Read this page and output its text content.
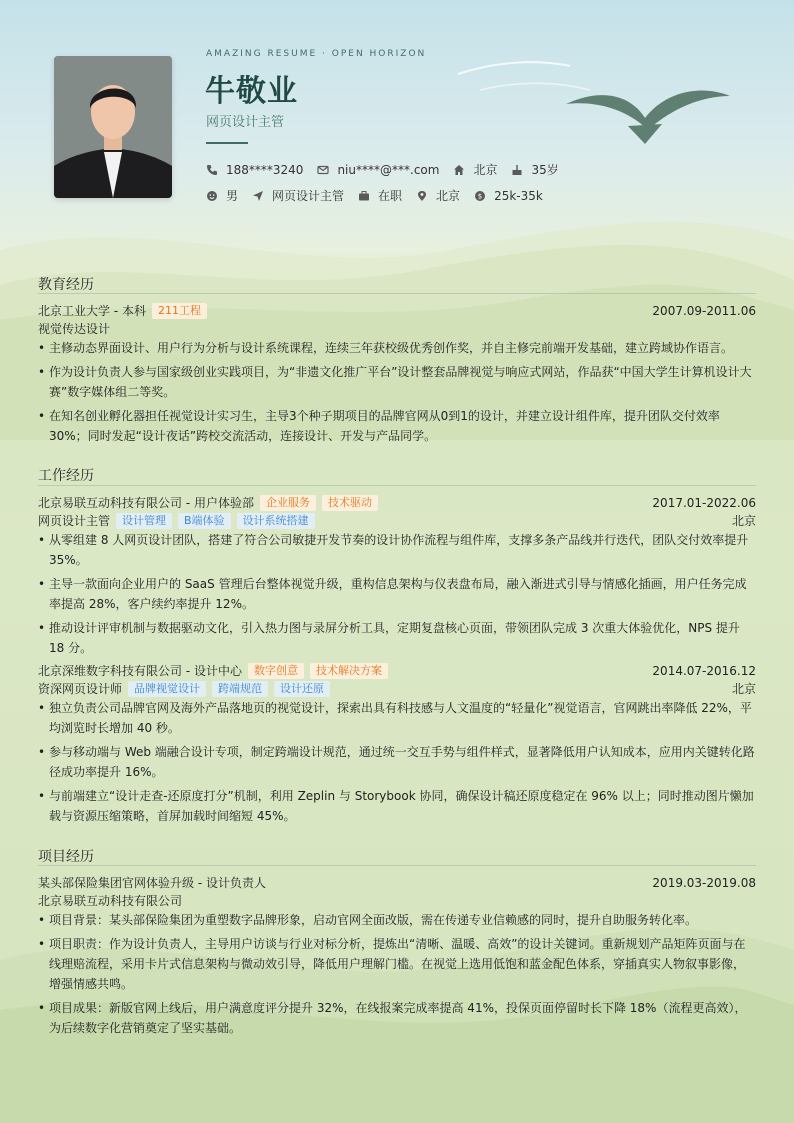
AMAZING RESUME · OPEN HORIZON
牛敬业
网页设计主管
188****3240	niu****@***.com	北京	35岁
男	网页设计主管	在职	北京	$ 25k-35k
教育经历
北京工业大学 - 本科	211工程	2007.09-2011.06
视觉传达设计
• 主修动态界面设计、用户行为分析与设计系统课程，连续三年获校级优秀创作奖，并自主修完前端开发基础，建立跨域协作语言。
• 作为设计负责人参与国家级创业实践项目，为“非遗文化推广平台”设计整套品牌视觉与响应式网站，作品获“中国大学生计算机设计大赛”数字媒体组二等奖。
• 在知名创业孵化器担任视觉设计实习生，主导3个种子期项目的品牌官网从0到1的设计，并建立设计组件库，提升团队交付效率30%；同时发起“设计夜话”跨校交流活动，连接设计、开发与产品同学。
工作经历
北京易联互动科技有限公司 - 用户体验部	企业服务	技术驱动	2017.01-2022.06
网页设计主管	设计管理	B端体验	设计系统搭建	北京
• 从零组建 8 人网页设计团队，搭建了符合公司敏捷开发节奏的设计协作流程与组件库，支撑多条产品线并行迭代，团队交付效率提升 35%。
• 主导一款面向企业用户的 SaaS 管理后台整体视觉升级，重构信息架构与仪表盘布局，融入渐进式引导与情感化插画，用户任务完成率提高 28%，客户续约率提升 12%。
• 推动设计评审机制与数据驱动文化，引入热力图与录屏分析工具，定期复盘核心页面，带领团队完成 3 次重大体验优化，NPS 提升 18 分。
北京深维数字科技有限公司 - 设计中心	数字创意	技术解决方案	2014.07-2016.12
资深网页设计师	品牌视觉设计	跨端规范	设计还原	北京
• 独立负责公司品牌官网及海外产品落地页的视觉设计，探索出具有科技感与人文温度的“轻量化”视觉语言，官网跳出率降低 22%，平均浏览时长增加 40 秒。
• 参与移动端与 Web 端融合设计专项，制定跨端设计规范，通过统一交互手势与组件样式，显著降低用户认知成本，应用内关键转化路径成功率提升 16%。
• 与前端建立“设计走查-还原度打分”机制，利用 Zeplin 与 Storybook 协同，确保设计稿还原度稳定在 96% 以上；同时推动图片懒加载与资源压缩策略，首屏加载时间缩短 45%。
项目经历
某头部保险集团官网体验升级 - 设计负责人	2019.03-2019.08
北京易联互动科技有限公司
• 项目背景：某头部保险集团为重塑数字品牌形象，启动官网全面改版，需在传递专业信赖感的同时，提升自助服务转化率。
• 项目职责：作为设计负责人，主导用户访谈与行业对标分析，提炼出“清晰、温暖、高效”的设计关键词。重新规划产品矩阵页面与在线理赔流程，采用卡片式信息架构与微动效引导，降低用户理解门槛。在视觉上选用低饱和蓝金配色体系，穿插真实人物叙事影像，增强情感共鸣。
• 项目成果：新版官网上线后，用户满意度评分提升 32%，在线报案完成率提高 41%，投保页面停留时长下降 18%（流程更高效），为后续数字化营销奠定了坚实基础。
